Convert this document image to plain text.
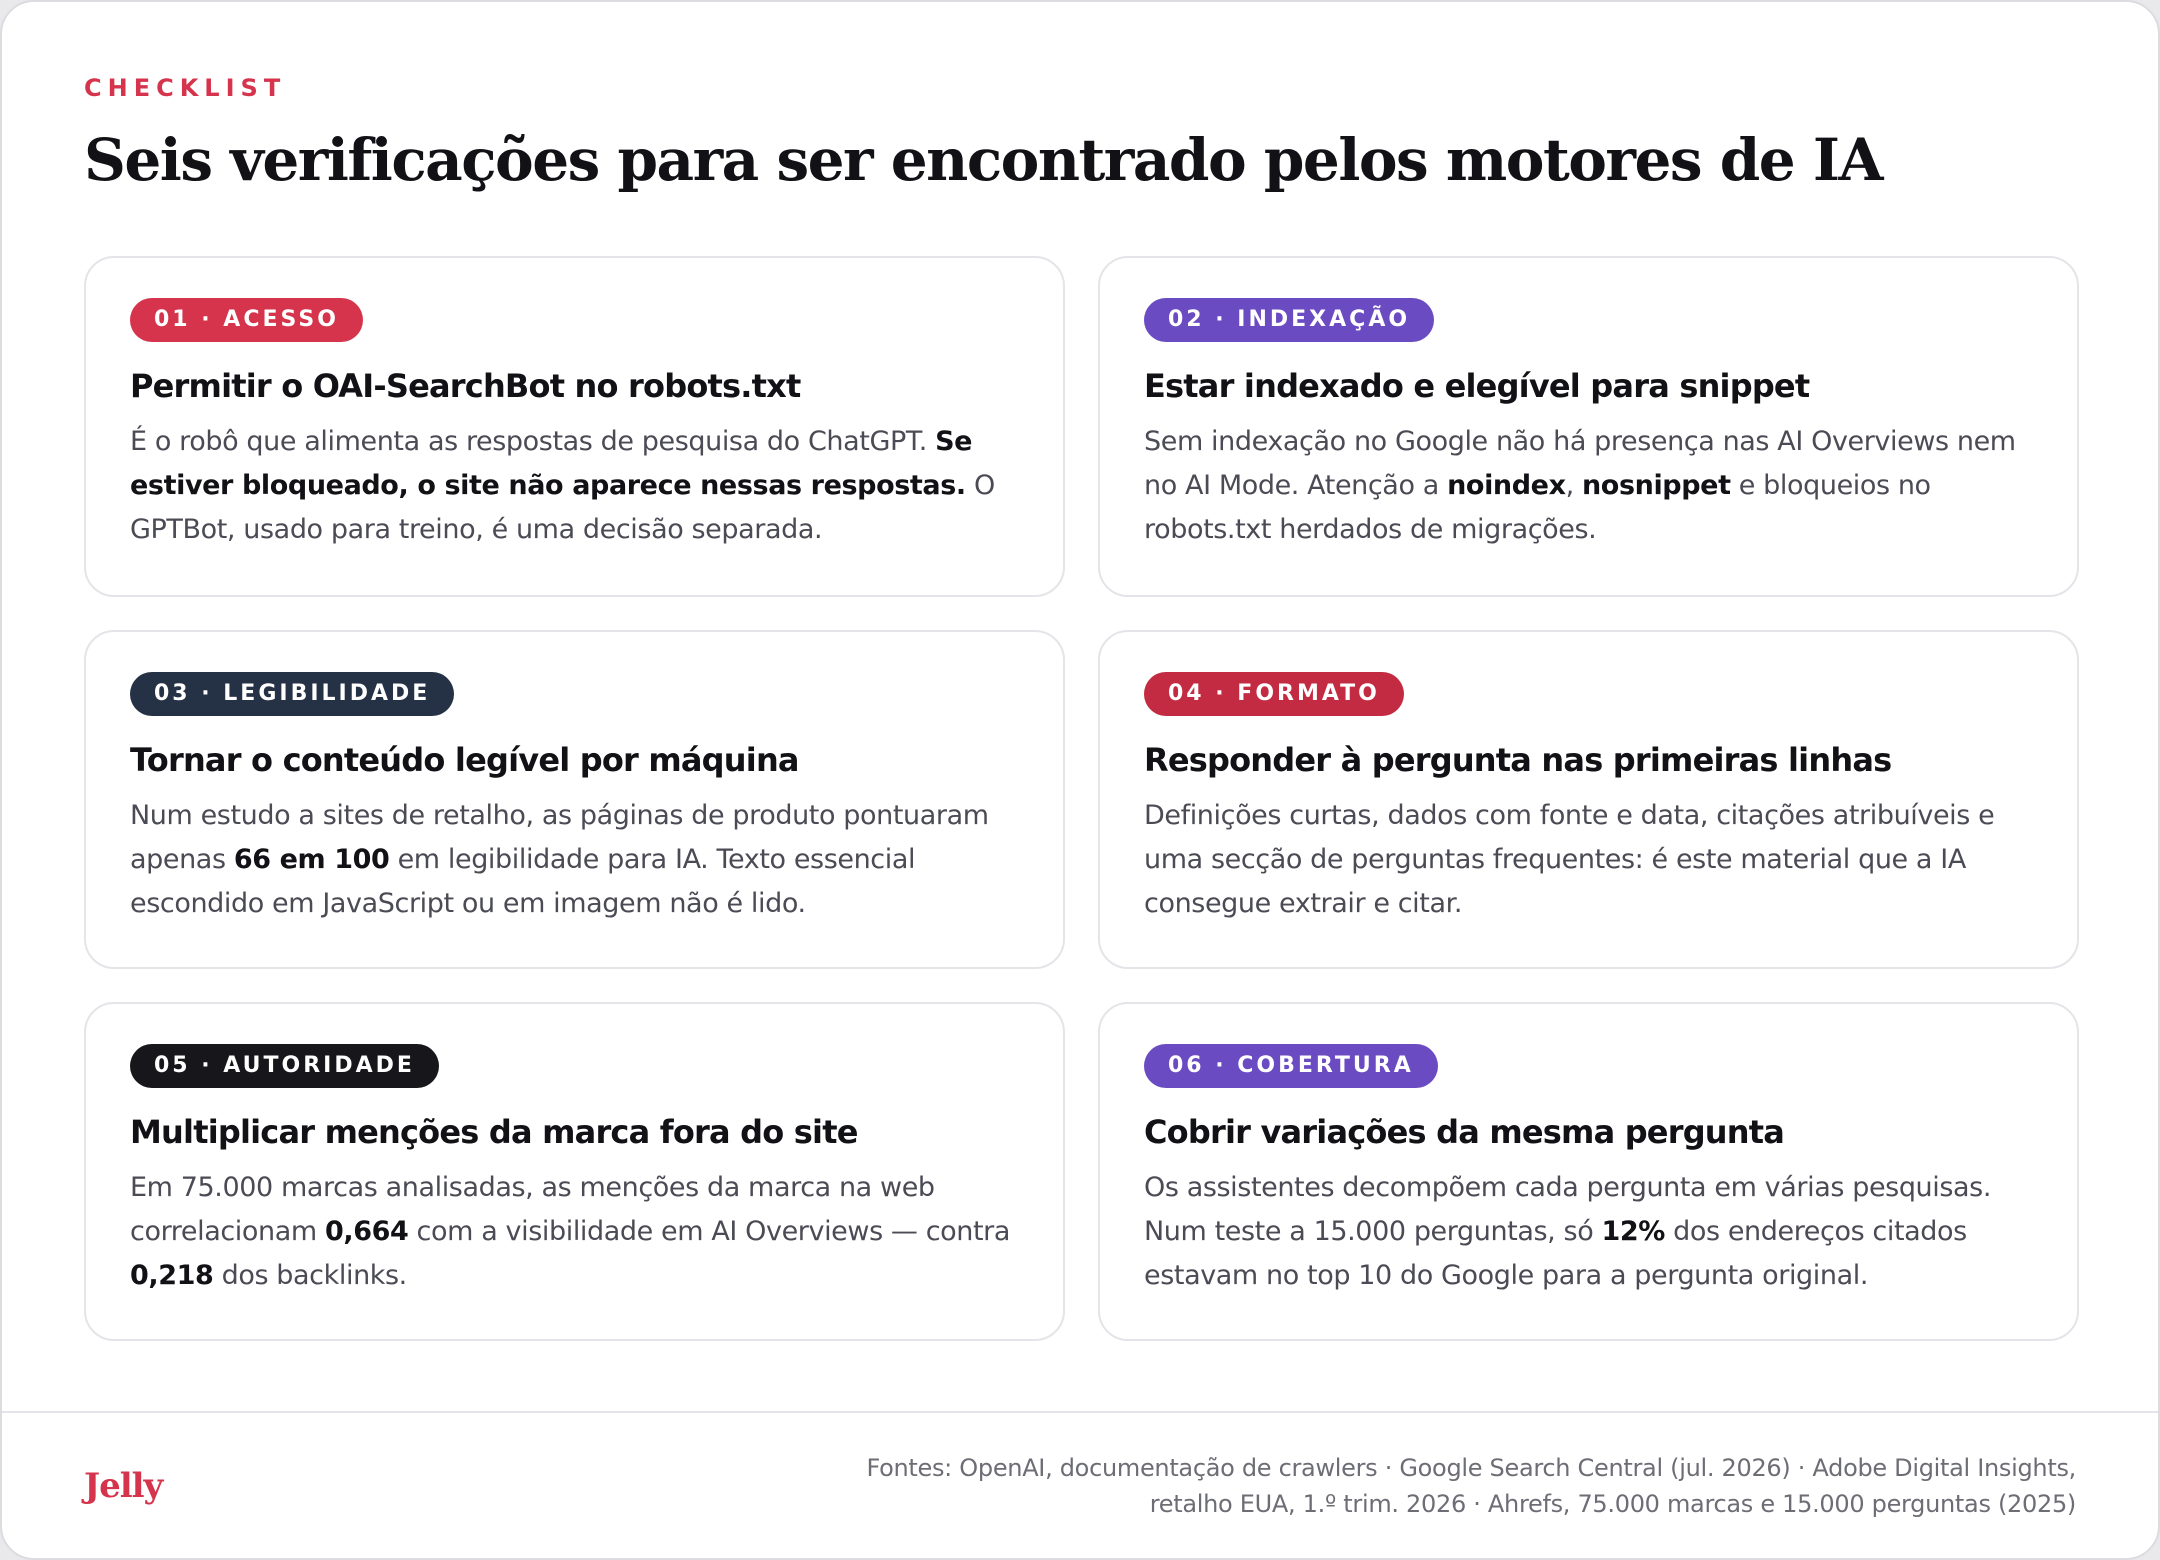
CHECKLIST
Seis verificações para ser encontrado pelos motores de IA
01 · ACESSO
Permitir o OAI-SearchBot no robots.txt

É o robô que alimenta as respostas de pesquisa do ChatGPT. Se estiver bloqueado, o site não aparece nessas respostas. O GPTBot, usado para treino, é uma decisão separada.

02 · INDEXAÇÃO
Estar indexado e elegível para snippet

Sem indexação no Google não há presença nas AI Overviews nem no AI Mode. Atenção a noindex, nosnippet e bloqueios no robots.txt herdados de migrações.

03 · LEGIBILIDADE
Tornar o conteúdo legível por máquina

Num estudo a sites de retalho, as páginas de produto pontuaram apenas 66 em 100 em legibilidade para IA. Texto essencial escondido em JavaScript ou em imagem não é lido.

04 · FORMATO
Responder à pergunta nas primeiras linhas

Definições curtas, dados com fonte e data, citações atribuíveis e uma secção de perguntas frequentes: é este material que a IA consegue extrair e citar.

05 · AUTORIDADE
Multiplicar menções da marca fora do site

Em 75.000 marcas analisadas, as menções da marca na web correlacionam 0,664 com a visibilidade em AI Overviews — contra 0,218 dos backlinks.

06 · COBERTURA
Cobrir variações da mesma pergunta

Os assistentes decompõem cada pergunta em várias pesquisas. Num teste a 15.000 perguntas, só 12% dos endereços citados estavam no top 10 do Google para a pergunta original.

Jelly	Fontes: OpenAI, documentação de crawlers · Google Search Central (jul. 2026) · Adobe Digital Insights,
retalho EUA, 1.º trim. 2026 · Ahrefs, 75.000 marcas e 15.000 perguntas (2025)
